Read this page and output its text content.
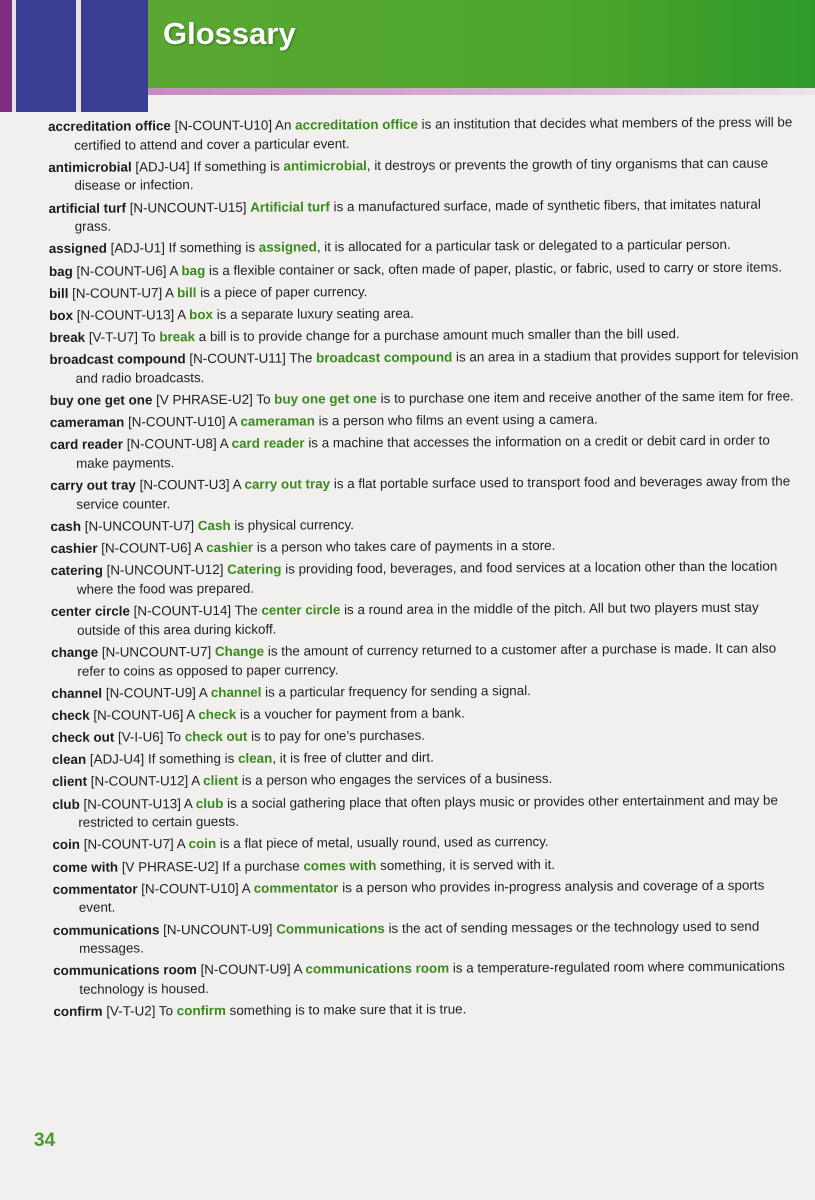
Glossary
accreditation office [N-COUNT-U10] An accreditation office is an institution that decides what members of the press will be certified to attend and cover a particular event.
antimicrobial [ADJ-U4] If something is antimicrobial, it destroys or prevents the growth of tiny organisms that can cause disease or infection.
artificial turf [N-UNCOUNT-U15] Artificial turf is a manufactured surface, made of synthetic fibers, that imitates natural grass.
assigned [ADJ-U1] If something is assigned, it is allocated for a particular task or delegated to a particular person.
bag [N-COUNT-U6] A bag is a flexible container or sack, often made of paper, plastic, or fabric, used to carry or store items.
bill [N-COUNT-U7] A bill is a piece of paper currency.
box [N-COUNT-U13] A box is a separate luxury seating area.
break [V-T-U7] To break a bill is to provide change for a purchase amount much smaller than the bill used.
broadcast compound [N-COUNT-U11] The broadcast compound is an area in a stadium that provides support for television and radio broadcasts.
buy one get one [V PHRASE-U2] To buy one get one is to purchase one item and receive another of the same item for free.
cameraman [N-COUNT-U10] A cameraman is a person who films an event using a camera.
card reader [N-COUNT-U8] A card reader is a machine that accesses the information on a credit or debit card in order to make payments.
carry out tray [N-COUNT-U3] A carry out tray is a flat portable surface used to transport food and beverages away from the service counter.
cash [N-UNCOUNT-U7] Cash is physical currency.
cashier [N-COUNT-U6] A cashier is a person who takes care of payments in a store.
catering [N-UNCOUNT-U12] Catering is providing food, beverages, and food services at a location other than the location where the food was prepared.
center circle [N-COUNT-U14] The center circle is a round area in the middle of the pitch. All but two players must stay outside of this area during kickoff.
change [N-UNCOUNT-U7] Change is the amount of currency returned to a customer after a purchase is made. It can also refer to coins as opposed to paper currency.
channel [N-COUNT-U9] A channel is a particular frequency for sending a signal.
check [N-COUNT-U6] A check is a voucher for payment from a bank.
check out [V-I-U6] To check out is to pay for one’s purchases.
clean [ADJ-U4] If something is clean, it is free of clutter and dirt.
client [N-COUNT-U12] A client is a person who engages the services of a business.
club [N-COUNT-U13] A club is a social gathering place that often plays music or provides other entertainment and may be restricted to certain guests.
coin [N-COUNT-U7] A coin is a flat piece of metal, usually round, used as currency.
come with [V PHRASE-U2] If a purchase comes with something, it is served with it.
commentator [N-COUNT-U10] A commentator is a person who provides in-progress analysis and coverage of a sports event.
communications [N-UNCOUNT-U9] Communications is the act of sending messages or the technology used to send messages.
communications room [N-COUNT-U9] A communications room is a temperature-regulated room where communications technology is housed.
confirm [V-T-U2] To confirm something is to make sure that it is true.
34
